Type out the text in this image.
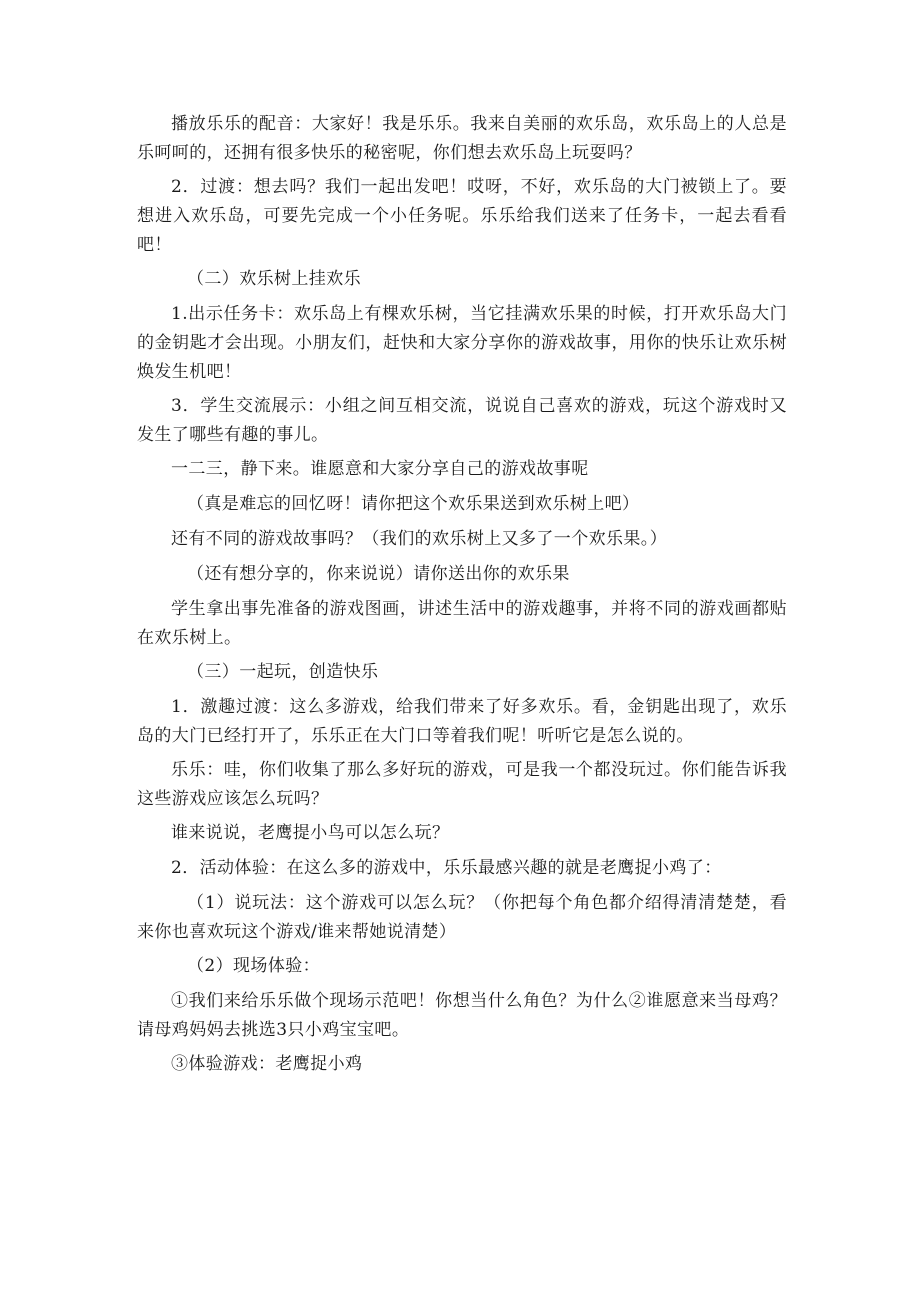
播放乐乐的配音：大家好！我是乐乐。我来自美丽的欢乐岛，欢乐岛上的人总是乐呵呵的，还拥有很多快乐的秘密呢，你们想去欢乐岛上玩耍吗？

2．过渡：想去吗？我们一起出发吧！哎呀，不好，欢乐岛的大门被锁上了。要想进入欢乐岛，可要先完成一个小任务呢。乐乐给我们送来了任务卡，一起去看看吧！

（二）欢乐树上挂欢乐

1.出示任务卡：欢乐岛上有棵欢乐树，当它挂满欢乐果的时候，打开欢乐岛大门的金钥匙才会出现。小朋友们，赶快和大家分享你的游戏故事，用你的快乐让欢乐树焕发生机吧！

3．学生交流展示：小组之间互相交流，说说自己喜欢的游戏，玩这个游戏时又发生了哪些有趣的事儿。

一二三，静下来。谁愿意和大家分享自己的游戏故事呢

（真是难忘的回忆呀！请你把这个欢乐果送到欢乐树上吧）

还有不同的游戏故事吗？（我们的欢乐树上又多了一个欢乐果。）

（还有想分享的，你来说说）请你送出你的欢乐果

学生拿出事先准备的游戏图画，讲述生活中的游戏趣事，并将不同的游戏画都贴在欢乐树上。

（三）一起玩，创造快乐

1．激趣过渡：这么多游戏，给我们带来了好多欢乐。看，金钥匙出现了，欢乐岛的大门已经打开了，乐乐正在大门口等着我们呢！听听它是怎么说的。

乐乐：哇，你们收集了那么多好玩的游戏，可是我一个都没玩过。你们能告诉我这些游戏应该怎么玩吗？

谁来说说，老鹰提小鸟可以怎么玩？

2．活动体验：在这么多的游戏中，乐乐最感兴趣的就是老鹰捉小鸡了：

（1）说玩法：这个游戏可以怎么玩？（你把每个角色都介绍得清清楚楚，看来你也喜欢玩这个游戏/谁来帮她说清楚）

（2）现场体验：

①我们来给乐乐做个现场示范吧！你想当什么角色？为什么②谁愿意来当母鸡？请母鸡妈妈去挑选3只小鸡宝宝吧。

③体验游戏：老鹰捉小鸡
